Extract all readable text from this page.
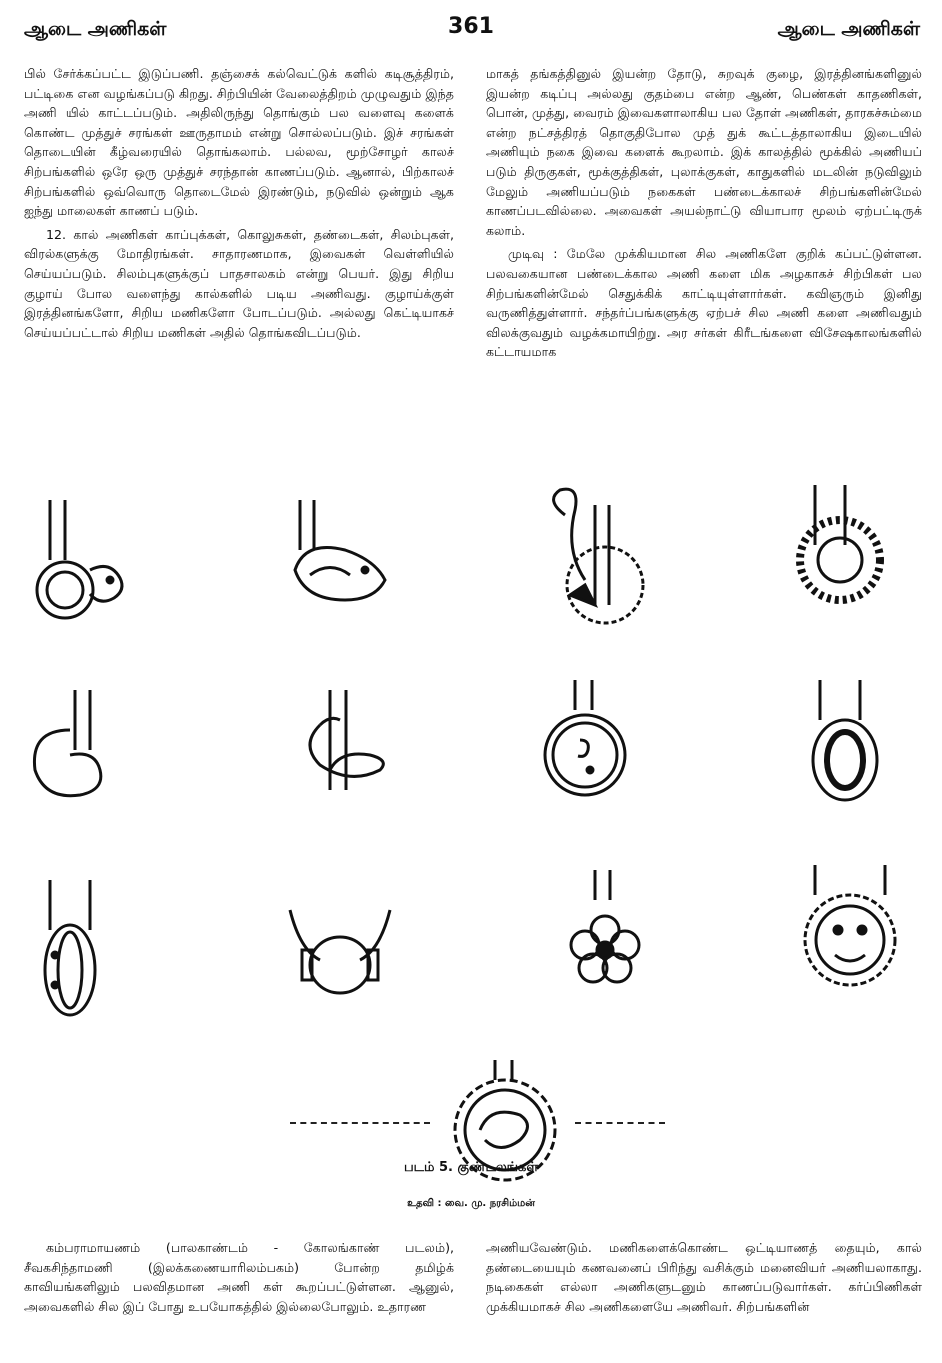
ஆடை அணிகள்	361	ஆடை அணிகள்

பில் சேர்க்கப்பட்ட இடுப்பணி. தஞ்சைக் கல்வெட்டுக் களில் கடிசூத்திரம், பட்டிகை என வழங்கப்படு கிறது. சிற்பியின் வேலைத்திறம் முழுவதும் இந்த அணி யில் காட்டப்படும். அதிலிருந்து தொங்கும் பல வளைவு களைக் கொண்ட முத்துச் சரங்கள் ஊருதாமம் என்று சொல்லப்படும். இச் சரங்கள் தொடையின் கீழ்வரையில் தொங்கலாம். பல்லவ, மூற்சோழர் காலச் சிற்பங்களில் ஒரே ஒரு முத்துச் சரந்தான் காணப்படும். ஆனால், பிற்காலச் சிற்பங்களில் ஒவ்வொரு தொடைமேல் இரண்டும், நடுவில் ஒன்றும் ஆக ஐந்து மாலைகள் காணப் படும்.

12. கால் அணிகள் காப்புக்கள், கொலுசுகள், தண்டைகள், சிலம்புகள், விரல்களுக்கு மோதிரங்கள். சாதாரணமாக, இவைகள் வெள்ளியில் செய்யப்படும். சிலம்புகளுக்குப் பாதசாலகம் என்று பெயர். இது சிறிய குழாய் போல வளைந்து கால்களில் படிய அணிவது. குழாய்க்குள் இரத்தினங்களோ, சிறிய மணிகளோ போடப்படும். அல்லது கெட்டியாகச் செய்யப்பட்டால் சிறிய மணிகள் அதில் தொங்கவிடப்படும்.

மாகத் தங்கத்தினுல் இயன்ற தோடு, சுறவுக் குழை, இரத்தினங்களினுல் இயன்ற கடிப்பு அல்லது குதம்பை என்ற ஆண், பெண்கள் காதணிகள், பொன், முத்து, வைரம் இவைகளாலாகிய பல தோள் அணிகள், தாரகச்சும்மை என்ற நட்சத்திரத் தொகுதிபோல முத் துக் கூட்டத்தாலாகிய இடையில் அணியும் நகை இவை களைக் கூறலாம். இக் காலத்தில் மூக்கில் அணியப் படும் திருகுகள், மூக்குத்திகள், புலாக்குகள், காதுகளில் மடலின் நடுவிலும் மேலும் அணியப்படும் நகைகள் பண்டைக்காலச் சிற்பங்களின்மேல் காணப்படவில்லை. அவைகள் அயல்நாட்டு வியாபார மூலம் ஏற்பட்டிருக் கலாம்.

முடிவு : மேலே முக்கியமான சில அணிகளே குறிக் கப்பட்டுள்ளன. பலவகையான பண்டைக்கால அணி களை மிக அழகாகச் சிற்பிகள் பல சிற்பங்களின்மேல் செதுக்கிக் காட்டியுள்ளார்கள். கவிஞரும் இனிது வருணித்துள்ளார். சந்தர்ப்பங்களுக்கு ஏற்பச் சில அணி களை அணிவதும் விலக்குவதும் வழக்கமாயிற்று. அர சர்கள் கிரீடங்களை விசேஷகாலங்களில் கட்டாயமாக

படம் 5. குண்டலங்கள்
உதவி : வை. மு. நரசிம்மன்

கம்பராமாயணம் (பாலகாண்டம் - கோலங்காண் படலம்), சீவகசிந்தாமணி (இலக்கணையாரிலம்பகம்) போன்ற தமிழ்க் காவியங்களிலும் பலவிதமான அணி கள் கூறப்பட்டுள்ளன. ஆனுல், அவைகளில் சில இப் போது உபயோகத்தில் இல்லைபோலும். உதாரண

அணியவேண்டும். மணிகளைக்கொண்ட ஒட்டியாணத் தையும், கால் தண்டையையும் கணவனைப் பிரிந்து வசிக்கும் மனைவியர் அணியலாகாது. நடிகைகள் எல்லா அணிகளுடனும் காணப்படுவார்கள். கர்ப்பிணிகள் முக்கியமாகச் சில அணிகளையே அணிவர். சிற்பங்களின்
